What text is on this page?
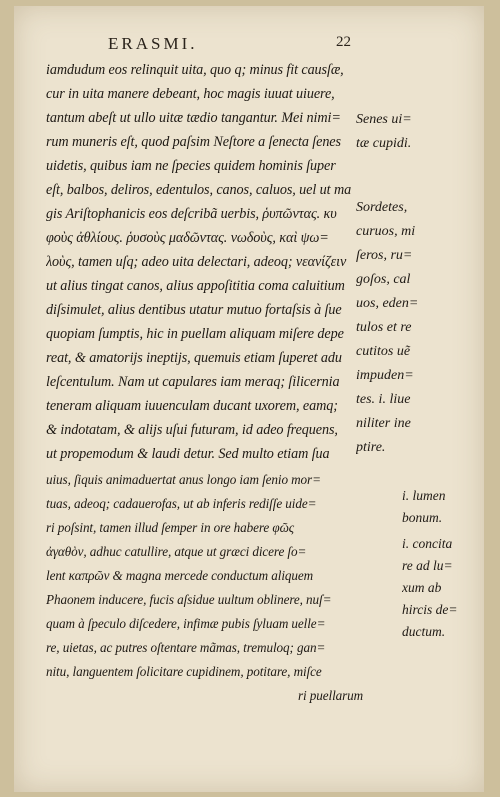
ERASMI.	22
iamdudum eos relinquit uita, quo q; minus fit causſæ,
cur in uita manere debeant, hoc magis iuuat uiuere,
tantum abeſt ut ullo uitæ tædio tangantur. Mei nimi=
rum muneris eſt, quod paſsim Neſtore a ſenecta ſenes
uidetis, quibus iam ne ſpecies quidem hominis ſuper
eſt, balbos, deliros, edentulos, canos, caluos, uel ut ma
gis Ariſtophanicis eos deſcribã uerbis, ῥυπῶντας. κυ
φοὺς ἀθλίους. ῥυσοὺς μαδῶντας. νωδοὺς, καὶ ψω=
λοὺς, tamen uſq; adeo uita delectari, adeoq; νεανίζειν
ut alius tingat canos, alius appoſititia coma caluitium
diſsimulet, alius dentibus utatur mutuo fortaſsis à ſue
quopiam ſumptis, hic in puellam aliquam miſere depe
reat, & amatorijs ineptijs, quemuis etiam ſuperet adu
leſcentulum. Nam ut capulares iam meraq; ſilicernia
teneram aliquam iuuenculam ducant uxorem, eamq;
& indotatam, & alijs uſui futuram, id adeo frequens,
ut propemodum & laudi detur. Sed multo etiam ſua
uius, ſiquis animaduertat anus longo iam ſenio mor=
tuas, adeoq; cadauerofas, ut ab inferis rediſſe uide=
ri poſsint, tamen illud ſemper in ore habere φῶς
ἀγαθὸν, adhuc catullire, atque ut græci dicere ſo=
lent καπρῶν & magna mercede conductum aliquem
Phaonem inducere, fucis aſsidue uultum oblinere, nuſ=
quam à ſpeculo diſcedere, infimæ pubis ſyluam uelle=
re, uietas, ac putres oſtentare mãmas, tremuloq; gan=
nitu, languentem ſolicitare cupidinem, potitare, miſce
ri puellarum
Senes ui=
tæ cupidi.
Sordetes,
curuos, mi
ſeros, ru=
goſos, cal
uos, eden=
tulos et re
cutitos uẽ
impuden=
tes. i. liue
niliter ine
ptire.
i. lumen
bonum.
i. concita
re ad lu=
xum ab
hircis de=
ductum.
